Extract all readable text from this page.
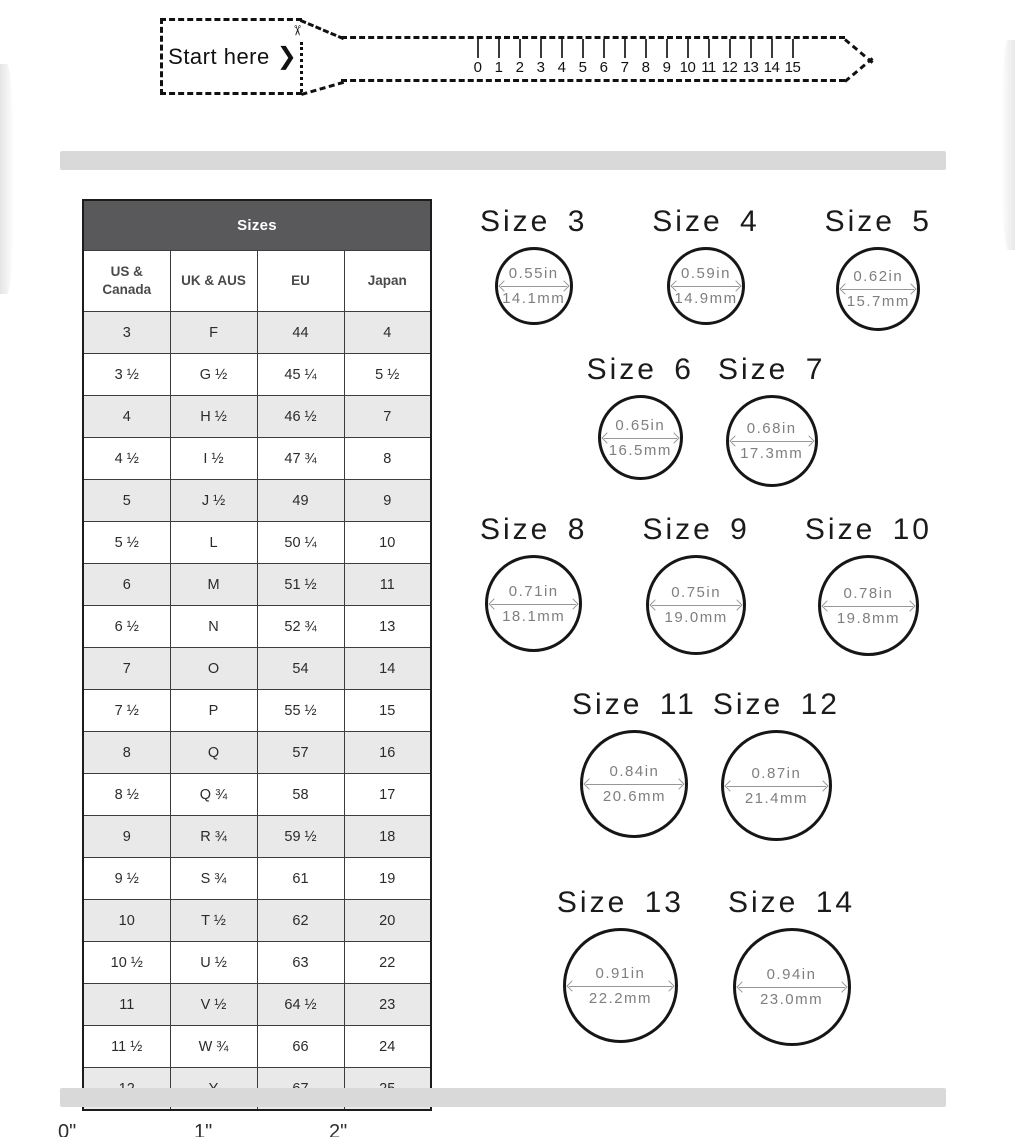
Start here ❯
✂
0 1 2 3 4 5 6 7 8 9 10 11 12 13 14 15
Sizes			
US & Canada	UK & AUS	EU	Japan
3	F	44	4
3 ½	G ½	45 ¼	5 ½
4	H ½	46 ½	7
4 ½	I ½	47 ¾	8
5	J ½	49	9
5 ½	L	50 ¼	10
6	M	51 ½	11
6 ½	N	52 ¾	13
7	O	54	14
7 ½	P	55 ½	15
8	Q	57	16
8 ½	Q ¾	58	17
9	R ¾	59 ½	18
9 ½	S ¾	61	19
10	T ½	62	20
10 ½	U ½	63	22
11	V ½	64 ½	23
11 ½	W ¾	66	24

Size 3
0.55in
14.1mm
Size 4
0.59in
14.9mm
Size 5
0.62in
15.7mm
Size 6
0.65in
16.5mm
Size 7
0.68in
17.3mm
Size 8
0.71in
18.1mm
Size 9
0.75in
19.0mm
Size 10
0.78in
19.8mm
Size 11
0.84in
20.6mm
Size 12
0.87in
21.4mm
Size 13
0.91in
22.2mm
Size 14
0.94in
23.0mm
0"	1"	2"
